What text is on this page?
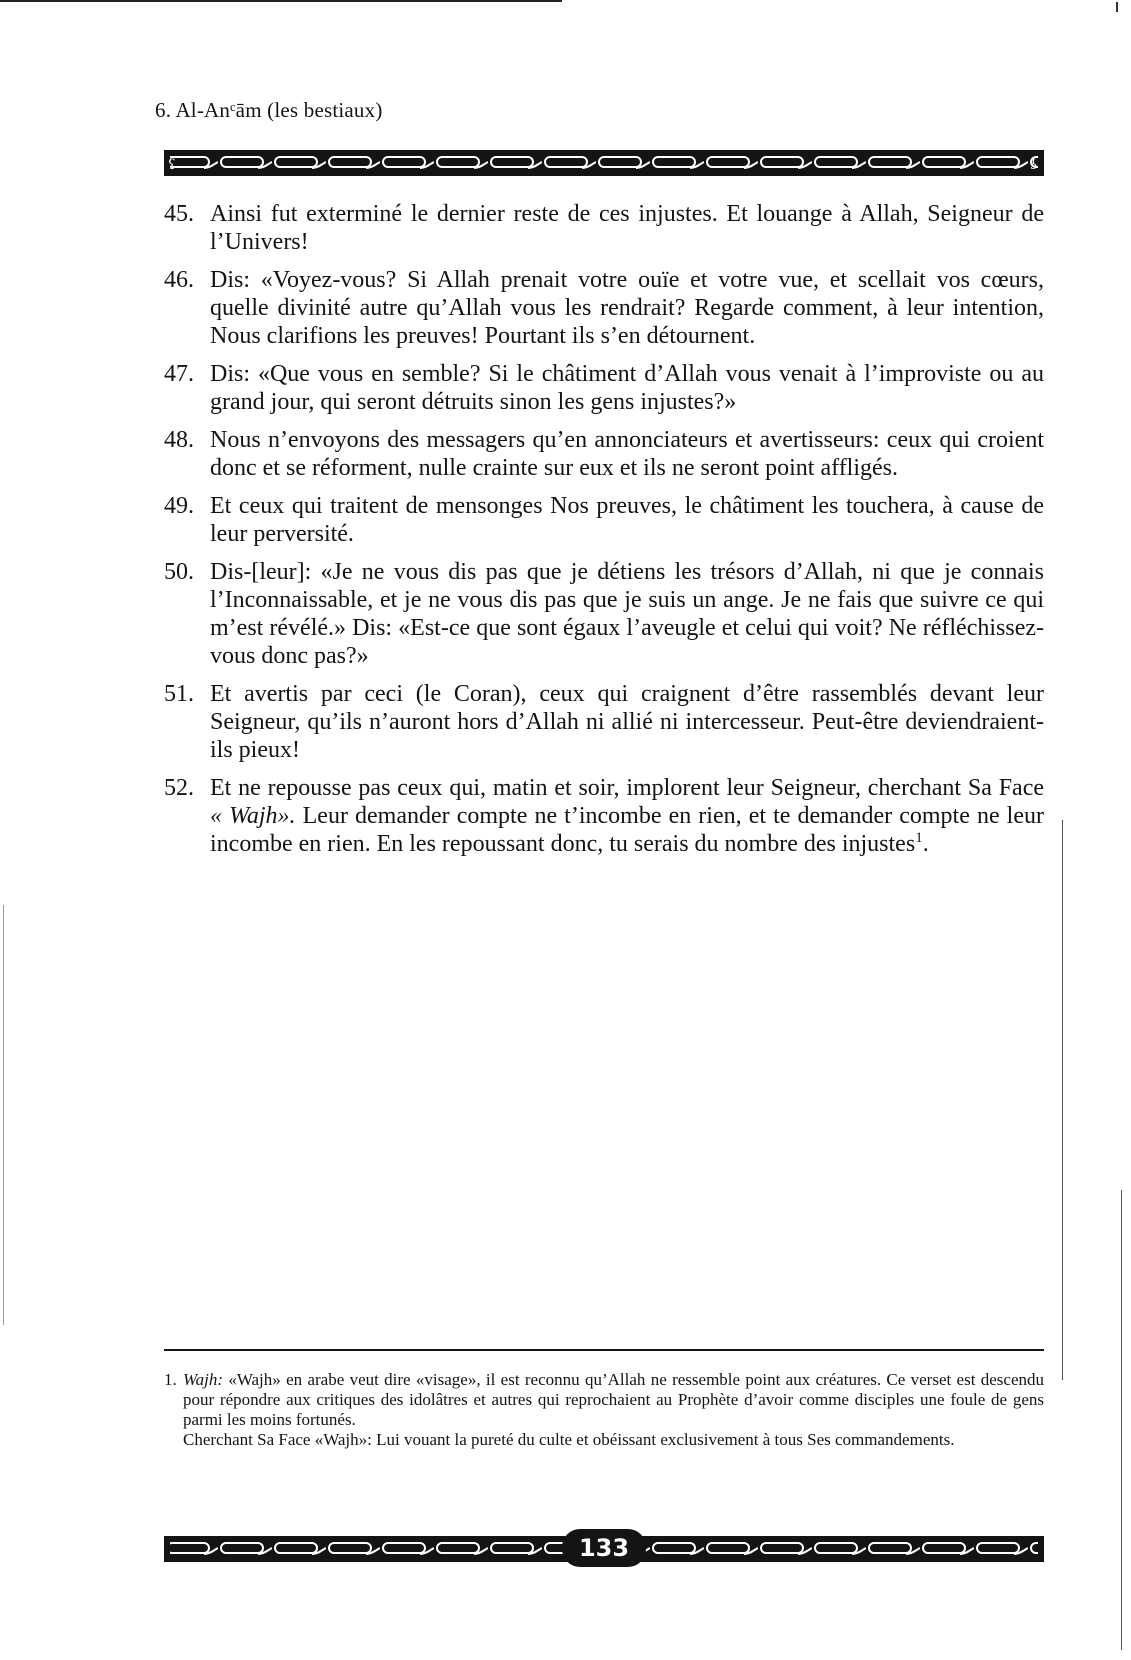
6. Al-Anᶜām (les bestiaux)
ʕ	ʖ
45. Ainsi fut exterminé le dernier reste de ces injustes. Et louange à Allah, Seigneur de l’Univers!
46. Dis: «Voyez-vous? Si Allah prenait votre ouïe et votre vue, et scellait vos cœurs, quelle divinité autre qu’Allah vous les rendrait? Regarde comment, à leur intention, Nous clarifions les preuves! Pourtant ils s’en détournent.
47. Dis: «Que vous en semble? Si le châtiment d’Allah vous venait à l’improviste ou au grand jour, qui seront détruits sinon les gens injustes?»
48. Nous n’envoyons des messagers qu’en annonciateurs et avertisseurs: ceux qui croient donc et se réforment, nulle crainte sur eux et ils ne seront point affligés.
49. Et ceux qui traitent de mensonges Nos preuves, le châtiment les touchera, à cause de leur perversité.
50. Dis-[leur]: «Je ne vous dis pas que je détiens les trésors d’Allah, ni que je connais l’Inconnaissable, et je ne vous dis pas que je suis un ange. Je ne fais que suivre ce qui m’est révélé.» Dis: «Est-ce que sont égaux l’aveugle et celui qui voit? Ne réfléchissez-vous donc pas?»
51. Et avertis par ceci (le Coran), ceux qui craignent d’être rassemblés devant leur Seigneur, qu’ils n’auront hors d’Allah ni allié ni intercesseur. Peut-être deviendraient-ils pieux!
52. Et ne repousse pas ceux qui, matin et soir, implorent leur Seigneur, cherchant Sa Face « Wajh». Leur demander compte ne t’incombe en rien, et te demander compte ne leur incombe en rien. En les repoussant donc, tu serais du nombre des injustes$^1$.
1. Wajh: «Wajh» en arabe veut dire «visage», il est reconnu qu’Allah ne ressemble point aux créatures. Ce verset est descendu pour répondre aux critiques des idolâtres et autres qui reprochaient au Prophète d’avoir comme disciples une foule de gens parmi les moins fortunés.
Cherchant Sa Face «Wajh»: Lui vouant la pureté du culte et obéissant exclusivement à tous Ses commandements.
133
